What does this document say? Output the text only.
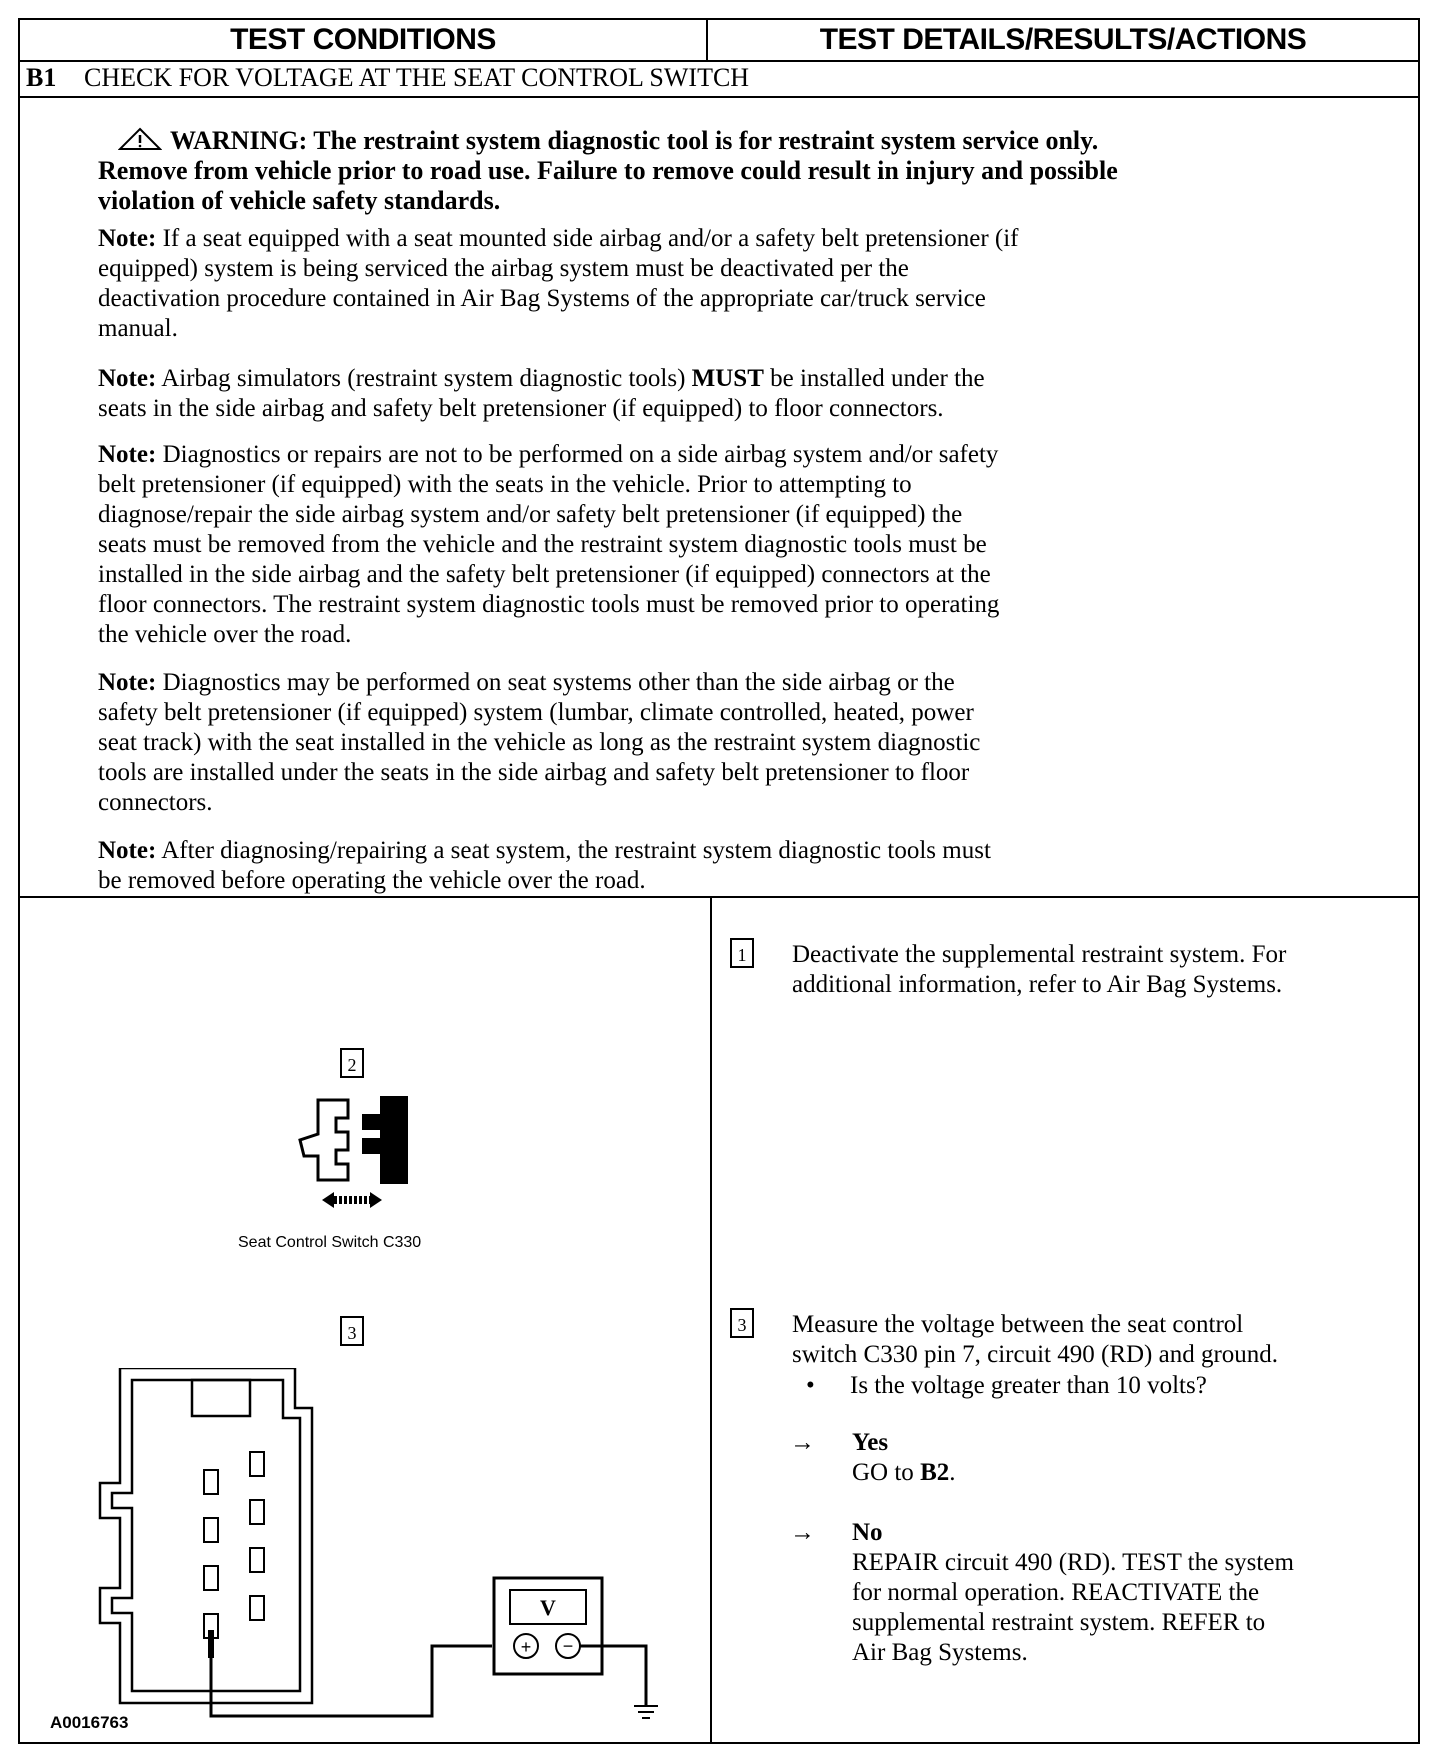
TEST CONDITIONS	TEST DETAILS/RESULTS/ACTIONS
B1	CHECK FOR VOLTAGE AT THE SEAT CONTROL SWITCH
WARNING: The restraint system diagnostic tool is for restraint system service only.
Remove from vehicle prior to road use. Failure to remove could result in injury and possible
violation of vehicle safety standards.
Note: If a seat equipped with a seat mounted side airbag and/or a safety belt pretensioner (if
equipped) system is being serviced the airbag system must be deactivated per the
deactivation procedure contained in Air Bag Systems of the appropriate car/truck service
manual.
Note: Airbag simulators (restraint system diagnostic tools) MUST be installed under the
seats in the side airbag and safety belt pretensioner (if equipped) to floor connectors.
Note: Diagnostics or repairs are not to be performed on a side airbag system and/or safety
belt pretensioner (if equipped) with the seats in the vehicle. Prior to attempting to
diagnose/repair the side airbag system and/or safety belt pretensioner (if equipped) the
seats must be removed from the vehicle and the restraint system diagnostic tools must be
installed in the side airbag and the safety belt pretensioner (if equipped) connectors at the
floor connectors. The restraint system diagnostic tools must be removed prior to operating
the vehicle over the road.
Note: Diagnostics may be performed on seat systems other than the side airbag or the
safety belt pretensioner (if equipped) system (lumbar, climate controlled, heated, power
seat track) with the seat installed in the vehicle as long as the restraint system diagnostic
tools are installed under the seats in the side airbag and safety belt pretensioner to floor
connectors.
Note: After diagnosing/repairing a seat system, the restraint system diagnostic tools must
be removed before operating the vehicle over the road.
2
Seat Control Switch C330
3
V
+ −
A0016763
1	Deactivate the supplemental restraint system. For
additional information, refer to Air Bag Systems.
3	Measure the voltage between the seat control
switch C330 pin 7, circuit 490 (RD) and ground.
• Is the voltage greater than 10 volts?
→ Yes
GO to B2.
→ No
REPAIR circuit 490 (RD). TEST the system
for normal operation. REACTIVATE the
supplemental restraint system. REFER to
Air Bag Systems.
